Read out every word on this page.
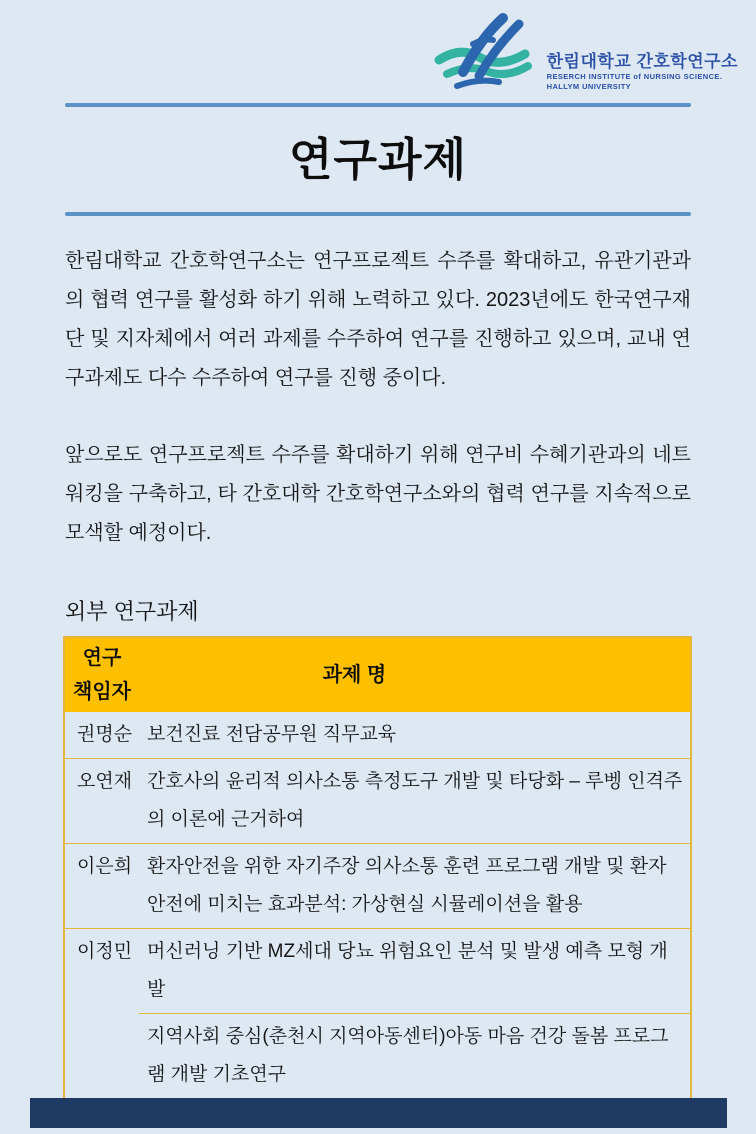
한림대학교 간호학연구소
RESERCH INSTITUTE of NURSING SCIENCE.
HALLYM UNIVERSITY
연구과제

한림대학교 간호학연구소는 연구프로젝트 수주를 확대하고, 유관기관과의 협력 연구를 활성화 하기 위해 노력하고 있다. 2023년에도 한국연구재단 및 지자체에서 여러 과제를 수주하여 연구를 진행하고 있으며, 교내 연구과제도 다수 수주하여 연구를 진행 중이다.

앞으로도 연구프로젝트 수주를 확대하기 위해 연구비 수혜기관과의 네트워킹을 구축하고, 타 간호대학 간호학연구소와의 협력 연구를 지속적으로 모색할 예정이다.

외부 연구과제
연구
책임자	과제 명
권명순	보건진료 전담공무원 직무교육
오연재	간호사의 윤리적 의사소통 측정도구 개발 및 타당화 – 루벵 인격주의 이론에 근거하여
이은희	환자안전을 위한 자기주장 의사소통 훈련 프로그램 개발 및 환자안전에 미치는 효과분석: 가상현실 시뮬레이션을 활용
이정민	머신러닝 기반 MZ세대 당뇨 위험요인 분석 및 발생 예측 모형 개발
	지역사회 중심(춘천시 지역아동센터)아동 마음 건강 돌봄 프로그램 개발 기초연구
